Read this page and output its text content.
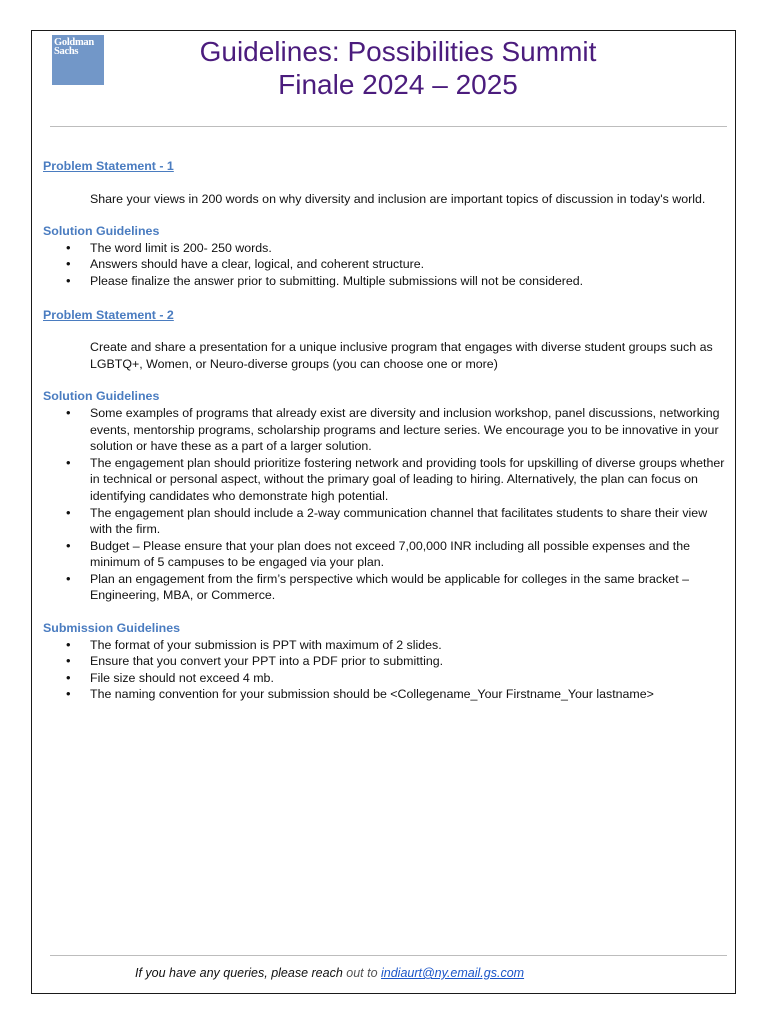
Goldman
Sachs	Guidelines: Possibilities Summit
Finale 2024 – 2025

Problem Statement - 1

Share your views in 200 words on why diversity and inclusion are important topics of discussion in today's world.

Solution Guidelines

• The word limit is 200- 250 words.
• Answers should have a clear, logical, and coherent structure.
• Please finalize the answer prior to submitting. Multiple submissions will not be considered.

Problem Statement - 2

Create and share a presentation for a unique inclusive program that engages with diverse student groups such as LGBTQ+, Women, or Neuro-diverse groups (you can choose one or more)

Solution Guidelines

• Some examples of programs that already exist are diversity and inclusion workshop, panel discussions, networking events, mentorship programs, scholarship programs and lecture series. We encourage you to be innovative in your solution or have these as a part of a larger solution.
• The engagement plan should prioritize fostering network and providing tools for upskilling of diverse groups whether in technical or personal aspect, without the primary goal of leading to hiring. Alternatively, the plan can focus on identifying candidates who demonstrate high potential.
• The engagement plan should include a 2-way communication channel that facilitates students to share their view with the firm.
• Budget – Please ensure that your plan does not exceed 7,00,000 INR including all possible expenses and the minimum of 5 campuses to be engaged via your plan.
• Plan an engagement from the firm’s perspective which would be applicable for colleges in the same bracket – Engineering, MBA, or Commerce.

Submission Guidelines

• The format of your submission is PPT with maximum of 2 slides.
• Ensure that you convert your PPT into a PDF prior to submitting.
• File size should not exceed 4 mb.
• The naming convention for your submission should be <Collegename_Your Firstname_Your lastname>
If you have any queries, please reach out to indiaurt@ny.email.gs.com
